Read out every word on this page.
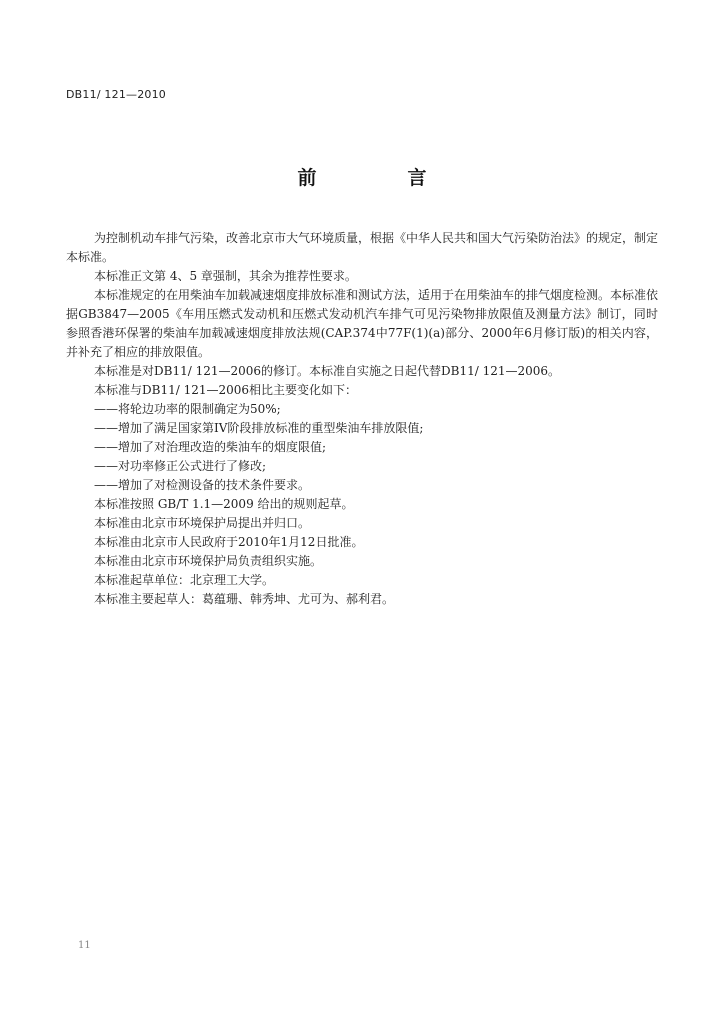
DB11/ 121—2010
前　言

为控制机动车排气污染，改善北京市大气环境质量，根据《中华人民共和国大气污染防治法》的规定，制定本标准。

本标准正文第 4、5 章强制，其余为推荐性要求。

本标准规定的在用柴油车加载减速烟度排放标准和测试方法，适用于在用柴油车的排气烟度检测。本标准依据GB3847—2005《车用压燃式发动机和压燃式发动机汽车排气可见污染物排放限值及测量方法》制订，同时参照香港环保署的柴油车加载减速烟度排放法规(CAP.374中77F(1)(a)部分、2000年6月修订版)的相关内容，并补充了相应的排放限值。

本标准是对DB11/ 121—2006的修订。本标准自实施之日起代替DB11/ 121—2006。

本标准与DB11/ 121—2006相比主要变化如下：

——将轮边功率的限制确定为50%;

——增加了满足国家第IV阶段排放标准的重型柴油车排放限值;

——增加了对治理改造的柴油车的烟度限值;

——对功率修正公式进行了修改;

——增加了对检测设备的技术条件要求。

本标准按照 GB/T 1.1—2009 给出的规则起草。

本标准由北京市环境保护局提出并归口。

本标准由北京市人民政府于2010年1月12日批准。

本标准由北京市环境保护局负责组织实施。

本标准起草单位：北京理工大学。

本标准主要起草人：葛蕴珊、韩秀坤、尤可为、郝利君。

11
